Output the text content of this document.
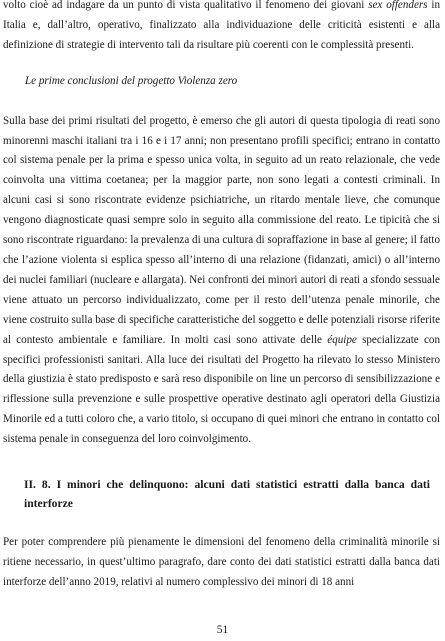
volto cioè ad indagare da un punto di vista qualitativo il fenomeno dei giovani sex offenders in Italia e, dall’altro, operativo, finalizzato alla individuazione delle criticità esistenti e alla definizione di strategie di intervento tali da risultare più coerenti con le complessità presenti.

Le prime conclusioni del progetto Violenza zero

Sulla base dei primi risultati del progetto, è emerso che gli autori di questa tipologia di reati sono minorenni maschi italiani tra i 16 e i 17 anni; non presentano profili specifici; entrano in contatto col sistema penale per la prima e spesso unica volta, in seguito ad un reato relazionale, che vede coinvolta una vittima coetanea; per la maggior parte, non sono legati a contesti criminali. In alcuni casi si sono riscontrate evidenze psichiatriche, un ritardo mentale lieve, che comunque vengono diagnosticate quasi sempre solo in seguito alla commissione del reato. Le tipicità che si sono riscontrate riguardano: la prevalenza di una cultura di sopraffazione in base al genere; il fatto che l’azione violenta si esplica spesso all’interno di una relazione (fidanzati, amici) o all’interno dei nuclei familiari (nucleare e allargata). Nei confronti dei minori autori di reati a sfondo sessuale viene attuato un percorso individualizzato, come per il resto dell’utenza penale minorile, che viene costruito sulla base di specifiche caratteristiche del soggetto e delle potenziali risorse riferite al contesto ambientale e familiare. In molti casi sono attivate delle équipe specializzate con specifici professionisti sanitari. Alla luce dei risultati del Progetto ha rilevato lo stesso Ministero della giustizia è stato predisposto e sarà reso disponibile on line un percorso di sensibilizzazione e riflessione sulla prevenzione e sulle prospettive operative destinato agli operatori della Giustizia Minorile ed a tutti coloro che, a vario titolo, si occupano di quei minori che entrano in contatto col sistema penale in conseguenza del loro coinvolgimento.

II. 8. I minori che delinquono: alcuni dati statistici estratti dalla banca dati interforze

Per poter comprendere più pienamente le dimensioni del fenomeno della criminalità minorile si ritiene necessario, in quest’ultimo paragrafo, dare conto dei dati statistici estratti dalla banca dati interforze dell’anno 2019, relativi al numero complessivo dei minori di 18 anni

51
